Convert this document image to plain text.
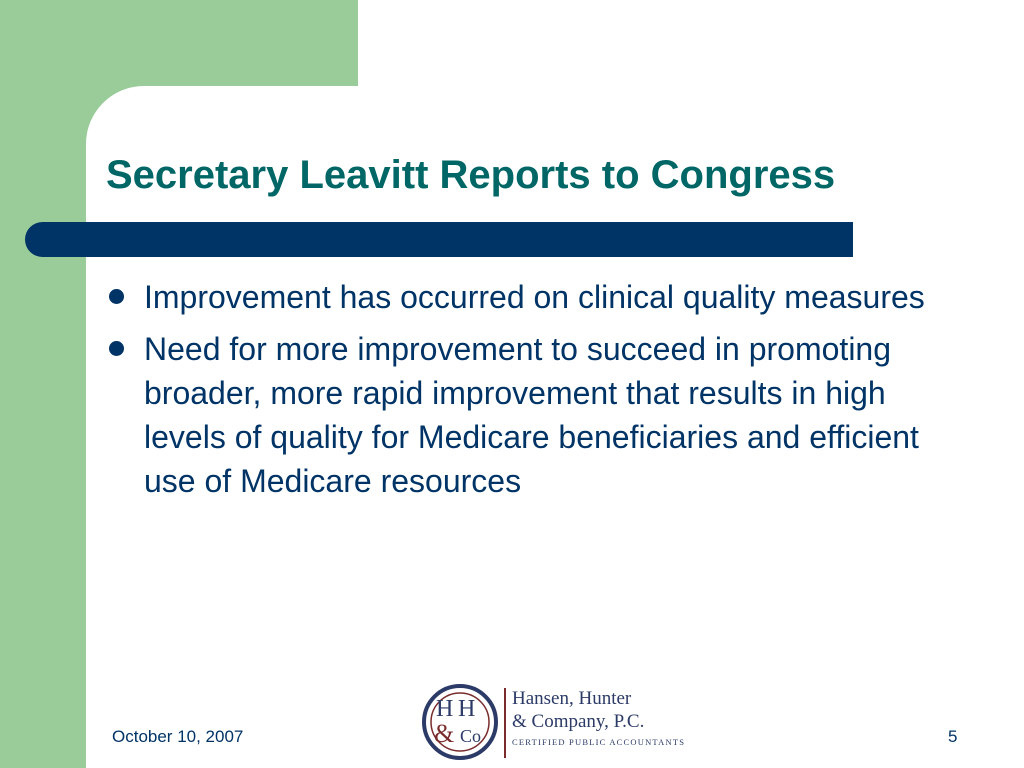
Secretary Leavitt Reports to Congress
Improvement has occurred on clinical quality measures
Need for more improvement to succeed in promoting broader, more rapid improvement that results in high levels of quality for Medicare beneficiaries and efficient use of Medicare resources
October 10, 2007	5
H H
& Co
Hansen, Hunter
& Company, P.C.
CERTIFIED PUBLIC ACCOUNTANTS
